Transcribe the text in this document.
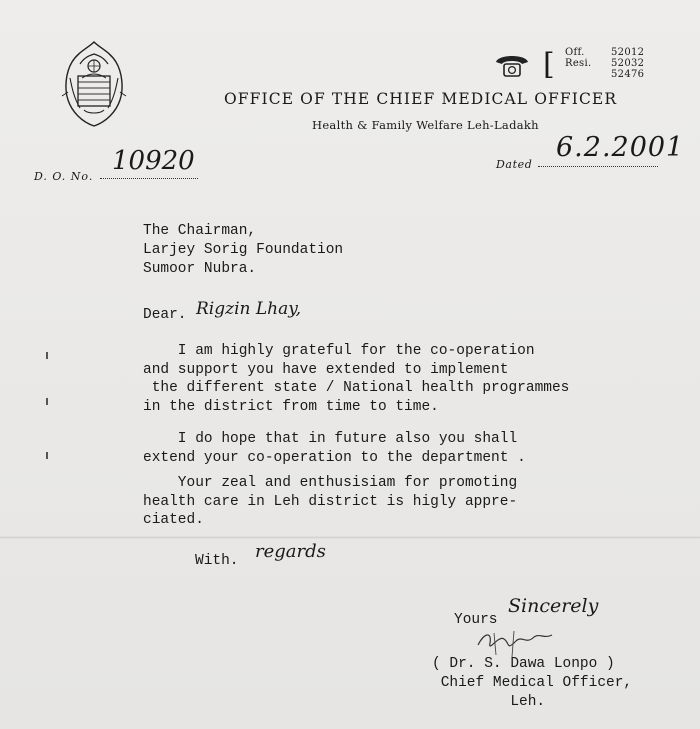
[ Off.
Resi.
52012
52032
52476
OFFICE OF THE CHIEF MEDICAL OFFICER
Health & Family Welfare Leh-Ladakh
D. O. No.
10920	Dated
6.2.2001
The Chairman,
Larjey Sorig Foundation
Sumoor Nubra.
Dear. Rigzin Lhay,
I am highly grateful for the co-operation
and support you have extended to implement
the different state / National health programmes
in the district from time to time.
I do hope that in future also you shall
extend your co-operation to the department .
Your zeal and enthusisiam for promoting
health care in Leh district is higly appre-
ciated.
With. regards
Yours
Sincerely
( Dr. S. Dawa Lonpo )
Chief Medical Officer,
Leh.
